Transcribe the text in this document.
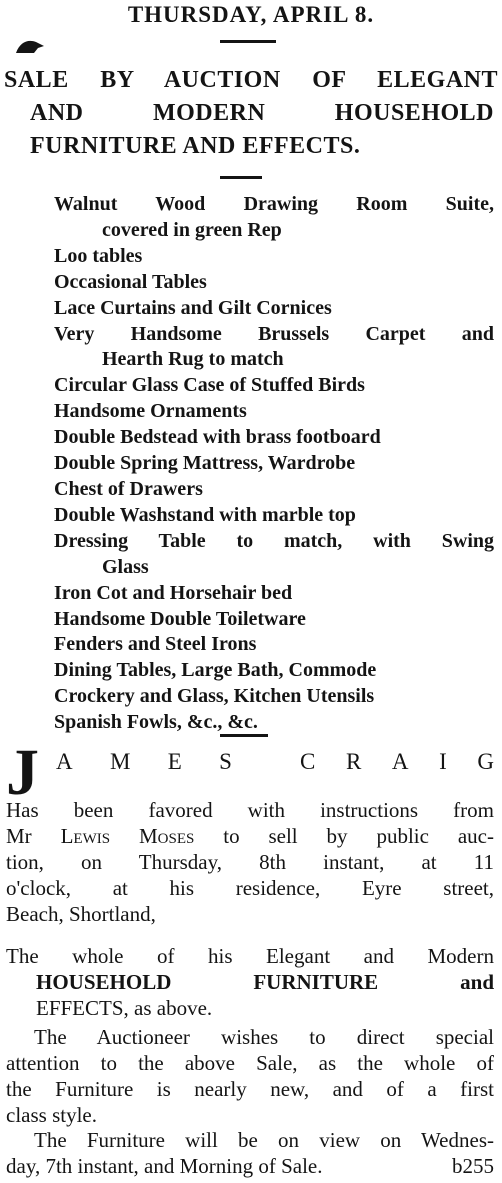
THURSDAY, APRIL 8.
SALE BY AUCTION OF ELEGANT
AND MODERN HOUSEHOLD
FURNITURE AND EFFECTS.
Walnut Wood Drawing Room Suite,
covered in green Rep
Loo tables
Occasional Tables
Lace Curtains and Gilt Cornices
Very Handsome Brussels Carpet and
Hearth Rug to match
Circular Glass Case of Stuffed Birds
Handsome Ornaments
Double Bedstead with brass footboard
Double Spring Mattress, Wardrobe
Chest of Drawers
Double Washstand with marble top
Dressing Table to match, with Swing
Glass
Iron Cot and Horsehair bed
Handsome Double Toiletware
Fenders and Steel Irons
Dining Tables, Large Bath, Commode
Crockery and Glass, Kitchen Utensils
Spanish Fowls, &c., &c.
J A M E S	C R A I G
Has been favored with instructions from
Mr Lewis Moses to sell by public auc-
tion, on Thursday, 8th instant, at 11
o'clock, at his residence, Eyre street,
Beach, Shortland,
The whole of his Elegant and Modern
HOUSEHOLD FURNITURE and
EFFECTS, as above.
The Auctioneer wishes to direct special
attention to the above Sale, as the whole of
the Furniture is nearly new, and of a first
class style.
The Furniture will be on view on Wednes-
day, 7th instant, and Morning of Sale.	b255
